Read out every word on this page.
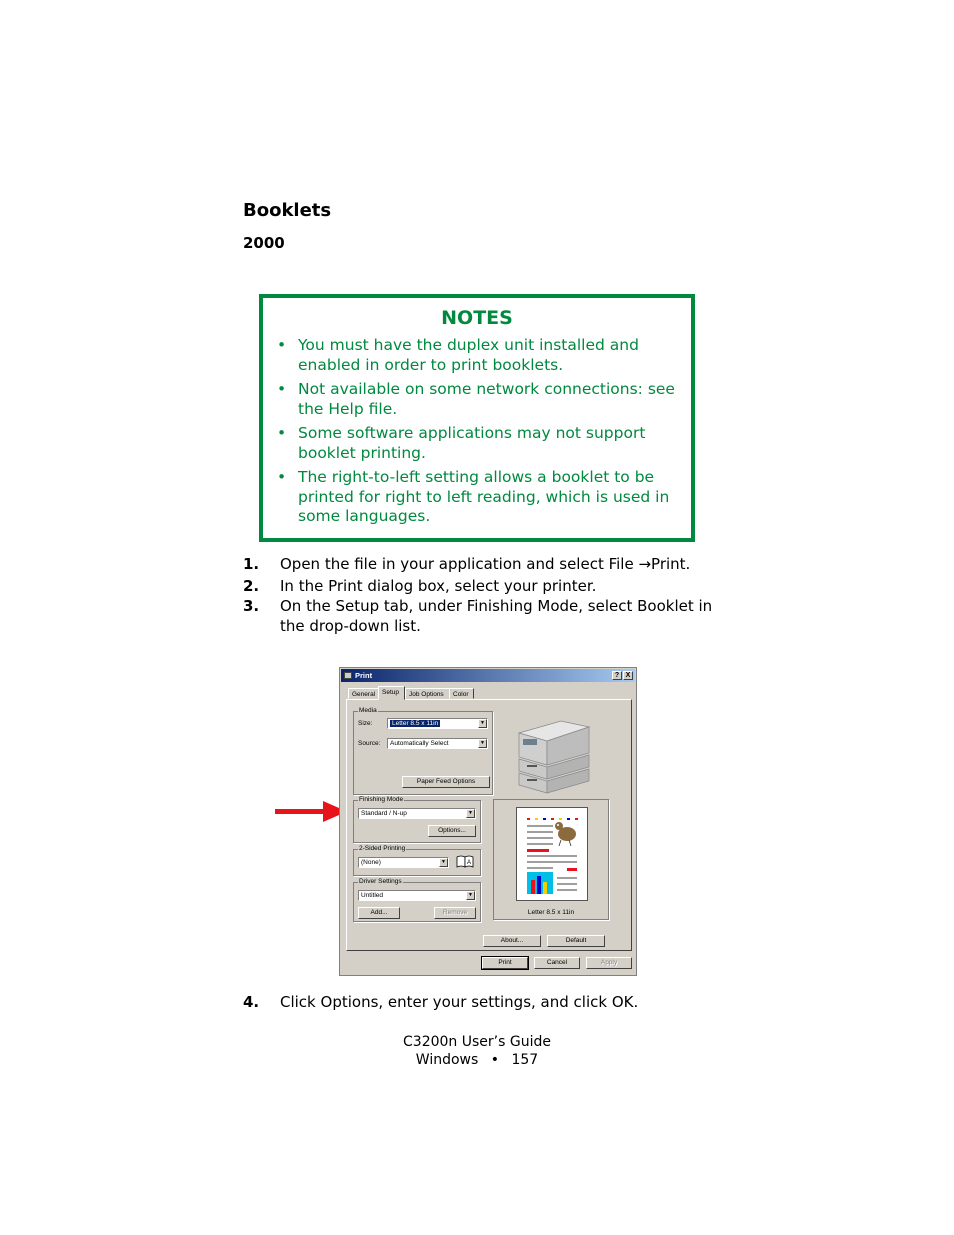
Booklets
2000
NOTES
• You must have the duplex unit installed and enabled in order to print booklets.
• Not available on some network connections: see the Help file.
• Some software applications may not support booklet printing.
• The right-to-left setting allows a booklet to be printed for right to left reading, which is used in some languages.
1. Open the file in your application and select File →Print.
2. In the Print dialog box, select your printer.
3. On the Setup tab, under Finishing Mode, select Booklet in the drop-down list.
Print	? X
General	Setup	Job Options	Color
Media
Size:	Letter 8.5 x 11in	▼
Source:	Automatically Select	▼
Paper Feed Options
Finishing Mode
Standard / N-up	▼
Options...
2-Sided Printing
(None)	▼	A
Driver Settings
Untitled	▼
Add...	Remove	Letter 8.5 x 11in
About...	Default
Print	Cancel	Apply
4. Click Options, enter your settings, and click OK.
C3200n User’s Guide
Windows • 157
